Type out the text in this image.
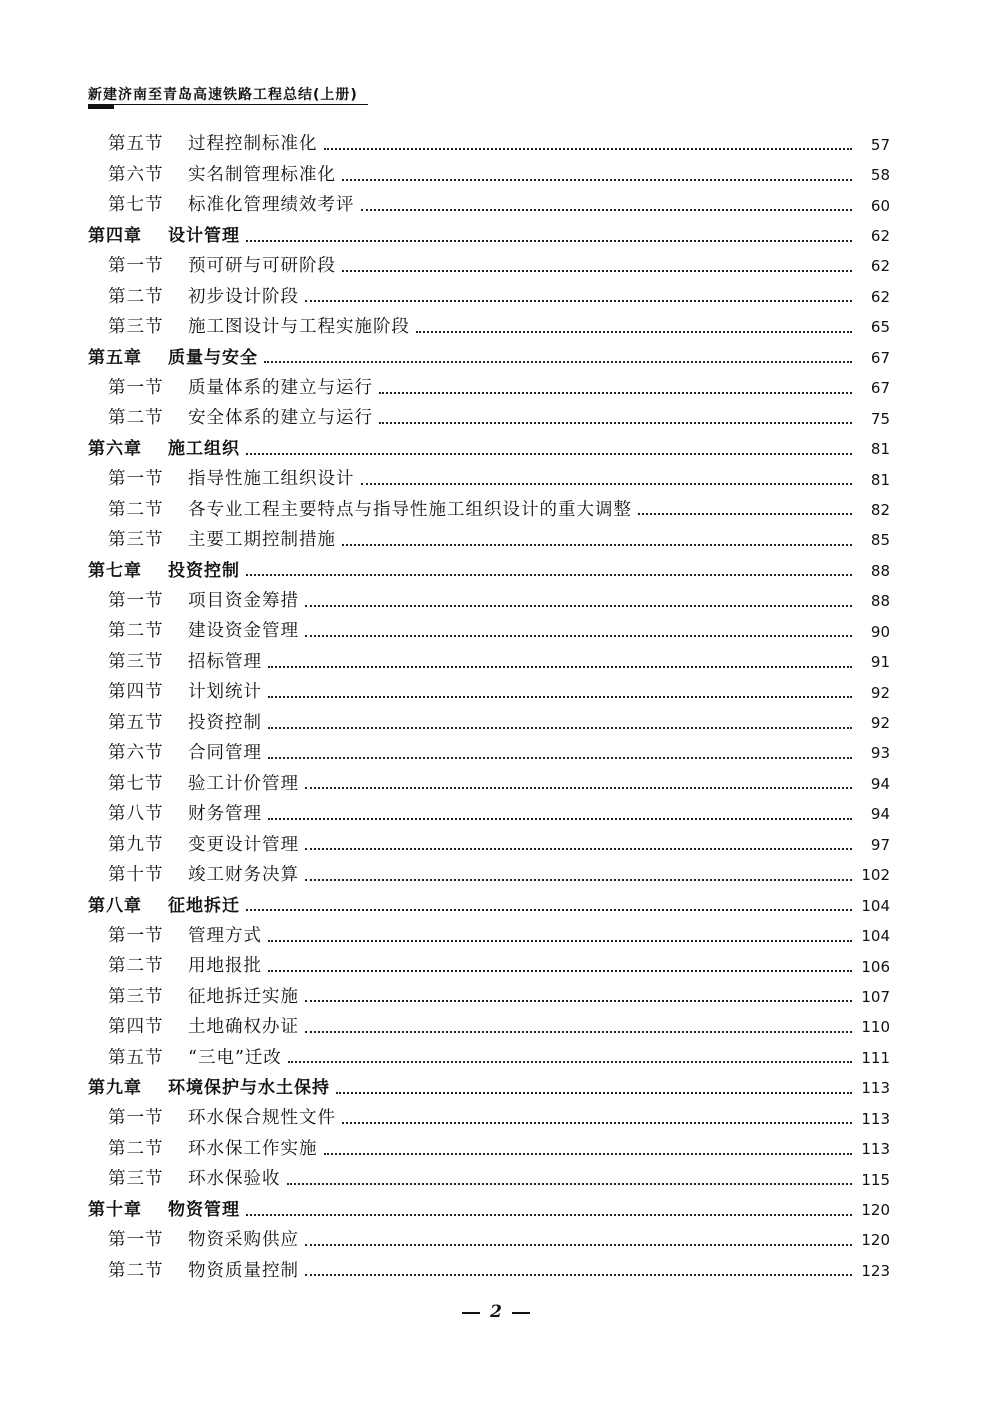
新建济南至青岛高速铁路工程总结(上册)
第五节	过程控制标准化	57
第六节	实名制管理标准化	58
第七节	标准化管理绩效考评	60
第四章	设计管理	62
第一节	预可研与可研阶段	62
第二节	初步设计阶段	62
第三节	施工图设计与工程实施阶段	65
第五章	质量与安全	67
第一节	质量体系的建立与运行	67
第二节	安全体系的建立与运行	75
第六章	施工组织	81
第一节	指导性施工组织设计	81
第二节	各专业工程主要特点与指导性施工组织设计的重大调整	82
第三节	主要工期控制措施	85
第七章	投资控制	88
第一节	项目资金筹措	88
第二节	建设资金管理	90
第三节	招标管理	91
第四节	计划统计	92
第五节	投资控制	92
第六节	合同管理	93
第七节	验工计价管理	94
第八节	财务管理	94
第九节	变更设计管理	97
第十节	竣工财务决算	102
第八章	征地拆迁	104
第一节	管理方式	104
第二节	用地报批	106
第三节	征地拆迁实施	107
第四节	土地确权办证	110
第五节	“三电”迁改	111
第九章	环境保护与水土保持	113
第一节	环水保合规性文件	113
第二节	环水保工作实施	113
第三节	环水保验收	115
第十章	物资管理	120
第一节	物资采购供应	120
第二节	物资质量控制	123
2
